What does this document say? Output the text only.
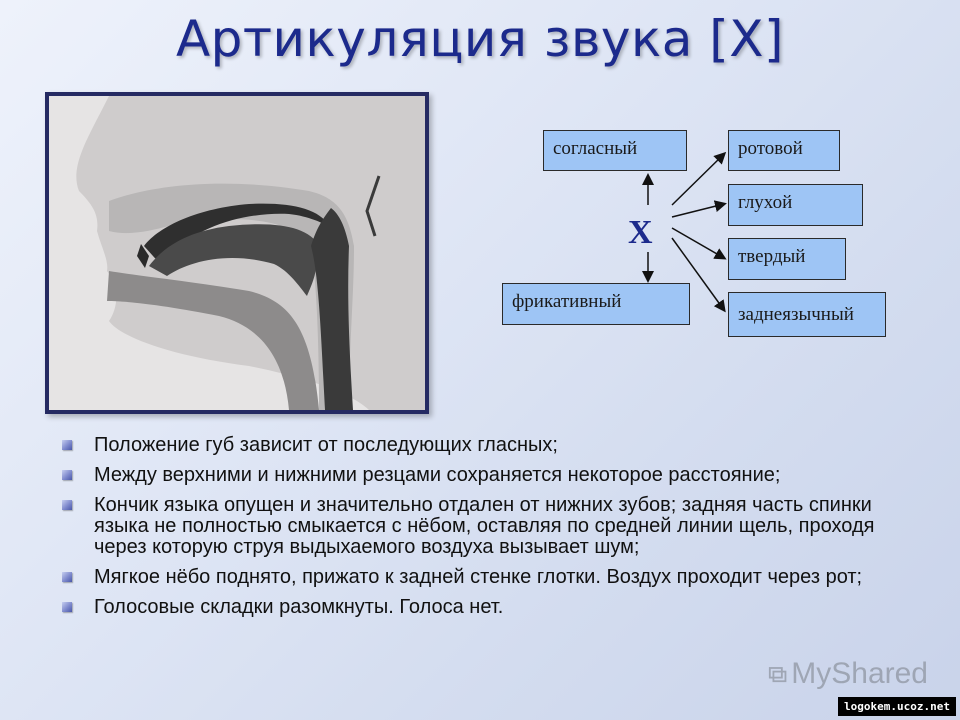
Артикуляция звука [X]
согласный
фрикативный
X
ротовой
глухой
твердый
заднеязычный
Положение губ зависит от последующих гласных;
Между верхними и нижними резцами сохраняется некоторое расстояние;
Кончик языка опущен и значительно отдален от нижних зубов; задняя часть спинки языка не полностью смыкается с нёбом, оставляя по средней линии щель, проходя через которую струя выдыхаемого воздуха вызывает шум;
Мягкое нёбо поднято, прижато к задней стенке глотки. Воздух проходит через рот;
Голосовые складки разомкнуты. Голоса нет.
MyShared
logokem.ucoz.net
